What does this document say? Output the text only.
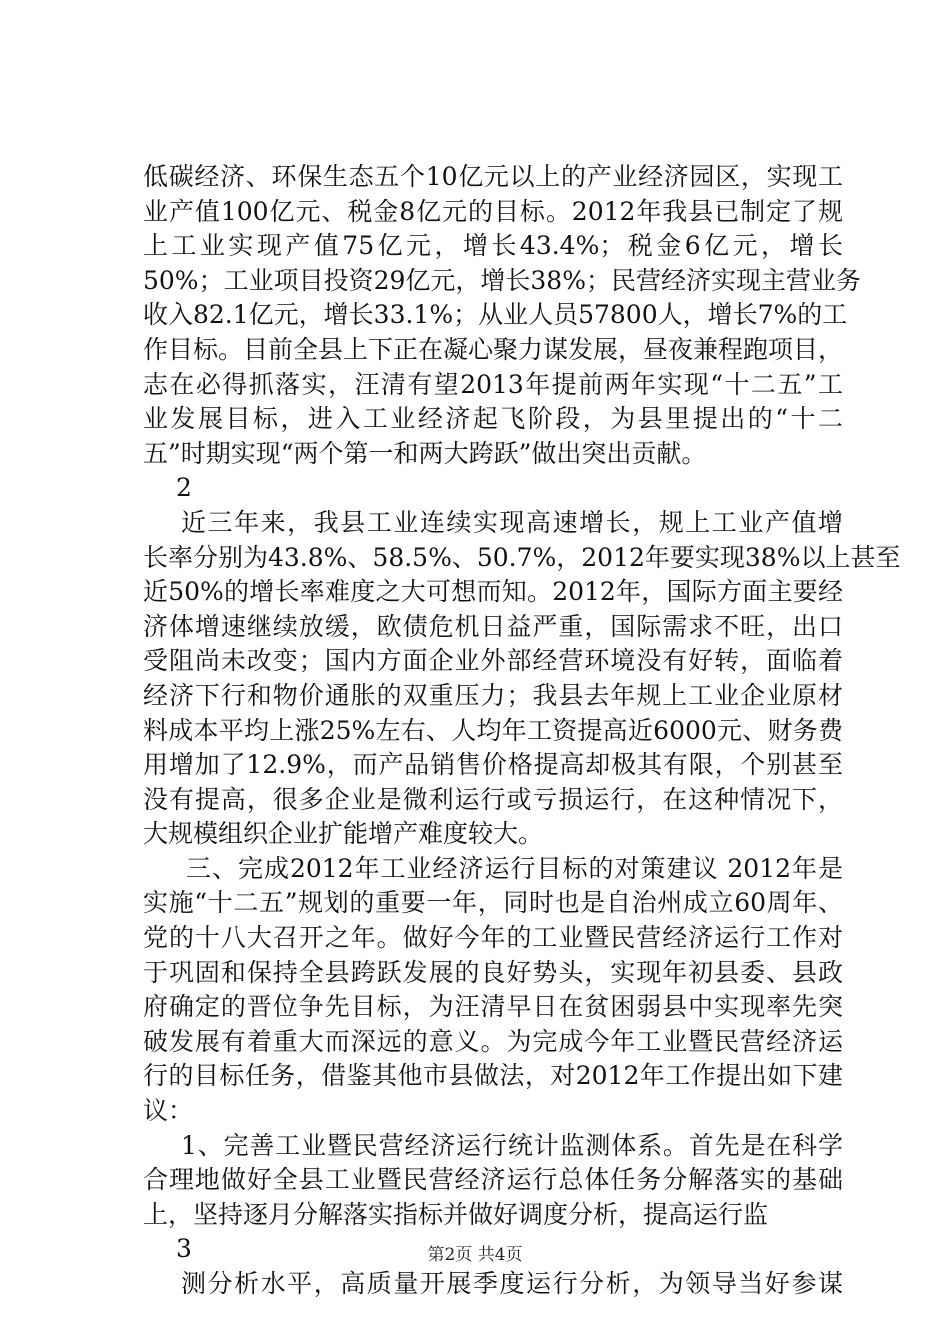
低碳经济、环保生态五个10亿元以上的产业经济园区，实现工
业产值100亿元、税金8亿元的目标。2012年我县已制定了规
上工业实现产值75亿元，增长43.4%；税金6亿元，增长
50%；工业项目投资29亿元，增长38%；民营经济实现主营业务
收入82.1亿元，增长33.1%；从业人员57800人，增长7%的工
作目标。目前全县上下正在凝心聚力谋发展，昼夜兼程跑项目，
志在必得抓落实，汪清有望2013年提前两年实现“十二五”工
业发展目标，进入工业经济起飞阶段，为县里提出的“十二
五”时期实现“两个第一和两大跨跃”做出突出贡献。
2
近三年来，我县工业连续实现高速增长，规上工业产值增
长率分别为43.8%、58.5%、50.7%，2012年要实现38%以上甚至
近50%的增长率难度之大可想而知。2012年，国际方面主要经
济体增速继续放缓，欧债危机日益严重，国际需求不旺，出口
受阻尚未改变；国内方面企业外部经营环境没有好转，面临着
经济下行和物价通胀的双重压力；我县去年规上工业企业原材
料成本平均上涨25%左右、人均年工资提高近6000元、财务费
用增加了12.9%，而产品销售价格提高却极其有限，个别甚至
没有提高，很多企业是微利运行或亏损运行，在这种情况下，
大规模组织企业扩能增产难度较大。
三、完成2012年工业经济运行目标的对策建议 2012年是
实施“十二五”规划的重要一年，同时也是自治州成立60周年、
党的十八大召开之年。做好今年的工业暨民营经济运行工作对
于巩固和保持全县跨跃发展的良好势头，实现年初县委、县政
府确定的晋位争先目标，为汪清早日在贫困弱县中实现率先突
破发展有着重大而深远的意义。为完成今年工业暨民营经济运
行的目标任务，借鉴其他市县做法，对2012年工作提出如下建
议：
1、完善工业暨民营经济运行统计监测体系。首先是在科学
合理地做好全县工业暨民营经济运行总体任务分解落实的基础
上，坚持逐月分解落实指标并做好调度分析，提高运行监
3
测分析水平，高质量开展季度运行分析，为领导当好参谋
第2页 共4页
